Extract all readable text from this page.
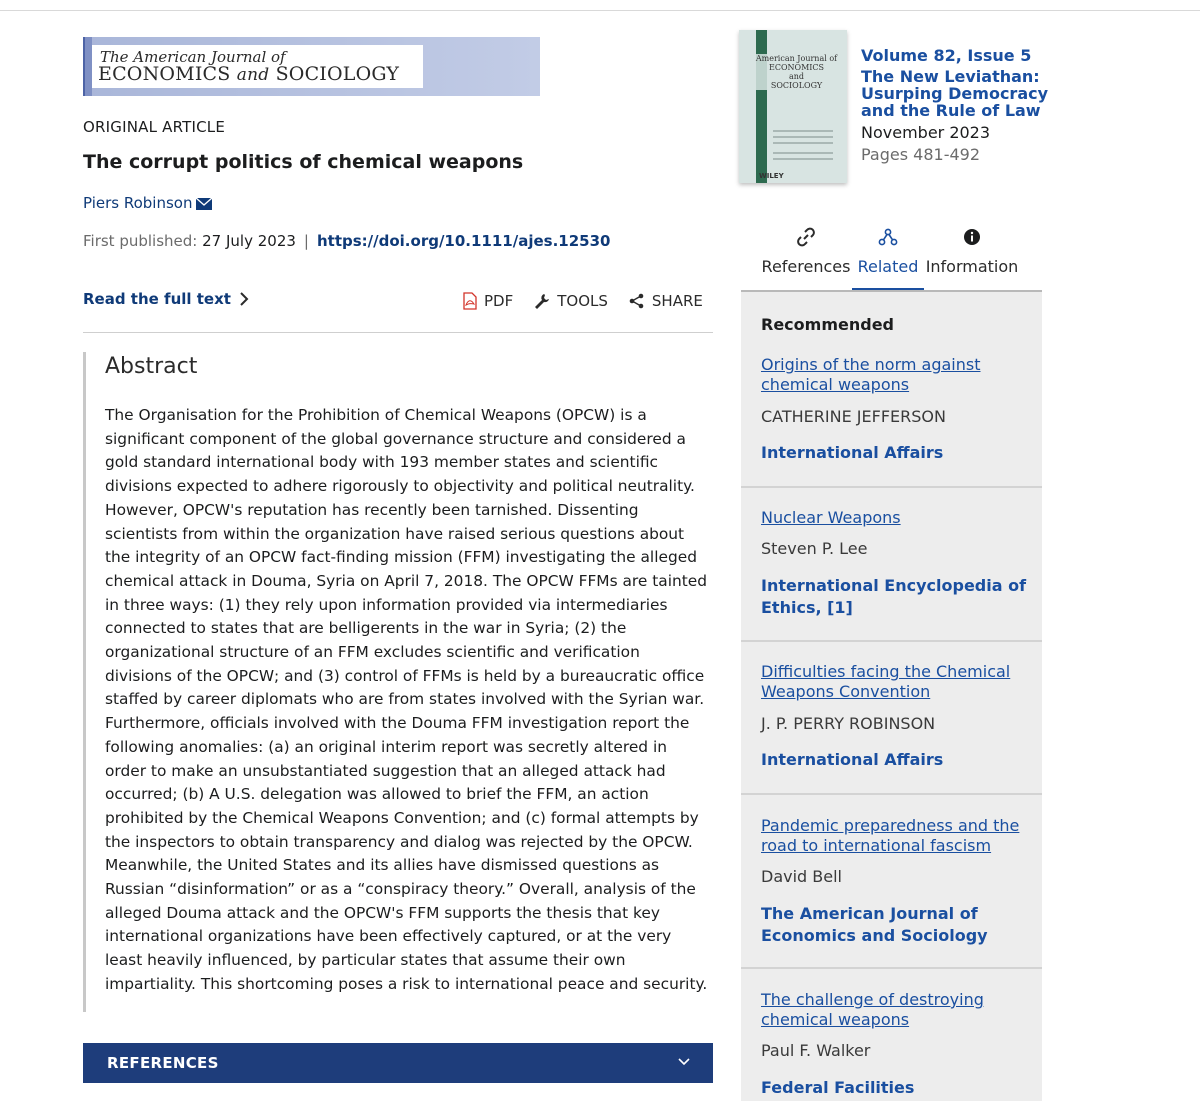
The American Journal of
ECONOMICS and SOCIOLOGY
ORIGINAL ARTICLE
The corrupt politics of chemical weapons
Piers Robinson
First published: 27 July 2023 | https://doi.org/10.1111/ajes.12530
Read the full text	PDF	TOOLS	SHARE
Abstract

The Organisation for the Prohibition of Chemical Weapons (OPCW) is a significant component of the global governance structure and considered a gold standard international body with 193 member states and scientific divisions expected to adhere rigorously to objectivity and political neutrality. However, OPCW's reputation has recently been tarnished. Dissenting scientists from within the organization have raised serious questions about the integrity of an OPCW fact-finding mission (FFM) investigating the alleged chemical attack in Douma, Syria on April 7, 2018. The OPCW FFMs are tainted in three ways: (1) they rely upon information provided via intermediaries connected to states that are belligerents in the war in Syria; (2) the organizational structure of an FFM excludes scientific and verification divisions of the OPCW; and (3) control of FFMs is held by a bureaucratic office staffed by career diplomats who are from states involved with the Syrian war. Furthermore, officials involved with the Douma FFM investigation report the following anomalies: (a) an original interim report was secretly altered in order to make an unsubstantiated suggestion that an alleged attack had occurred; (b) A U.S. delegation was allowed to brief the FFM, an action prohibited by the Chemical Weapons Convention; and (c) formal attempts by the inspectors to obtain transparency and dialog was rejected by the OPCW. Meanwhile, the United States and its allies have dismissed questions as Russian “disinformation” or as a “conspiracy theory.” Overall, analysis of the alleged Douma attack and the OPCW's FFM supports the thesis that key international organizations have been effectively captured, or at the very least heavily influenced, by particular states that assume their own impartiality. This shortcoming poses a risk to international peace and security.

REFERENCES
American Journal of
ECONOMICS
and
SOCIOLOGY
WILEY
Volume 82, Issue 5
The New Leviathan: Usurping Democracy and the Rule of Law
November 2023
Pages 481-492
References Related Information
Recommended
Origins of the norm against chemical weapons
CATHERINE JEFFERSON
International Affairs
Nuclear Weapons
Steven P. Lee
International Encyclopedia of Ethics, [1]
Difficulties facing the Chemical Weapons Convention
J. P. PERRY ROBINSON
International Affairs
Pandemic preparedness and the road to international fascism
David Bell
The American Journal of Economics and Sociology
The challenge of destroying chemical weapons
Paul F. Walker
Federal Facilities
